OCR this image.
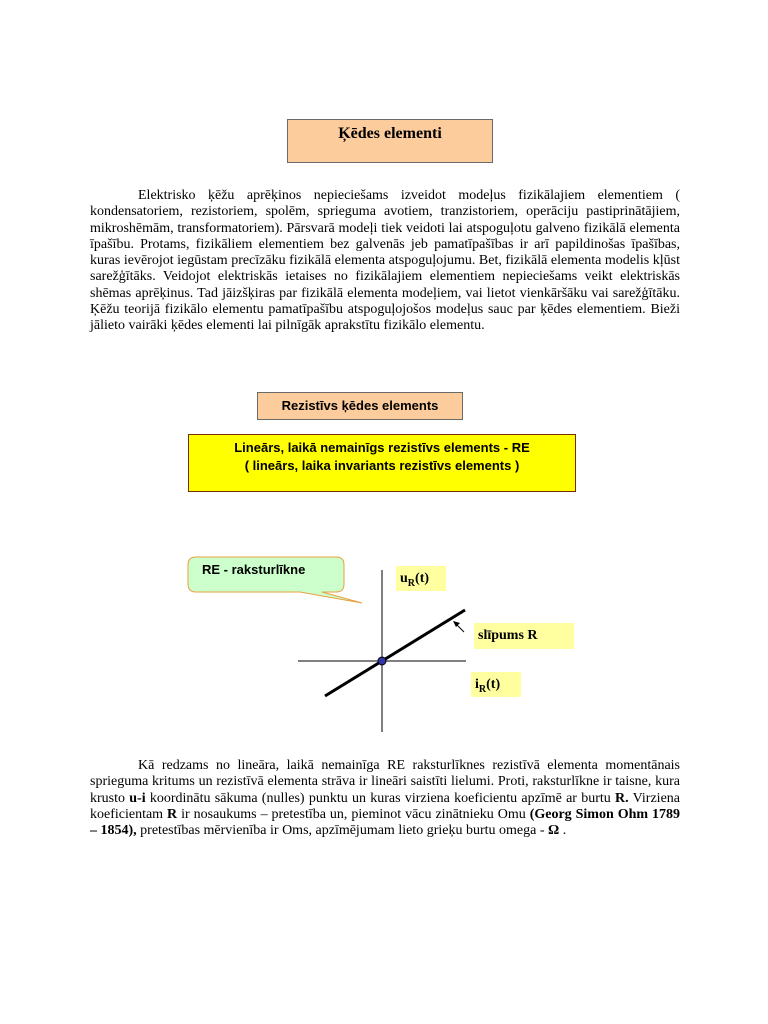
Ķēdes elementi
Elektrisko ķēžu aprēķinos nepieciešams izveidot modeļus fizikālajiem elementiem ( kondensatoriem, rezistoriem, spolēm, sprieguma avotiem, tranzistoriem, operāciju pastiprinātājiem, mikroshēmām, transformatoriem). Pārsvarā modeļi tiek veidoti lai atspoguļotu galveno fizikālā elementa īpašību. Protams, fizikāliem elementiem bez galvenās jeb pamatīpašības ir arī papildinošas īpašības, kuras ievērojot iegūstam precīzāku fizikālā elementa atspoguļojumu. Bet, fizikālā elementa modelis kļūst sarežģītāks. Veidojot elektriskās ietaises no fizikālajiem elementiem nepieciešams veikt elektriskās shēmas aprēķinus. Tad jāizšķiras par fizikālā elementa modeļiem, vai lietot vienkāršāku vai sarežģītāku. Ķēžu teorijā fizikālo elementu pamatīpašību atspoguļojošos modeļus sauc par ķēdes elementiem. Bieži jālieto vairāki ķēdes elementi lai pilnīgāk aprakstītu fizikālo elementu.
Rezistīvs ķēdes elements
Lineārs, laikā nemainīgs rezistīvs elements - RE
( lineārs, laika invariants rezistīvs elements )
RE - raksturlīkne
$u_R(t)$
slīpums R
$i_R(t)$
Kā redzams no lineāra, laikā nemainīga RE raksturlīknes rezistīvā elementa momentānais sprieguma kritums un rezistīvā elementa strāva ir lineāri saistīti lielumi. Proti, raksturlīkne ir taisne, kura krusto u-i koordinātu sākuma (nulles) punktu un kuras virziena koeficientu apzīmē ar burtu R. Virziena koeficientam R ir nosaukums – pretestība un, pieminot vācu zinātnieku Omu (Georg Simon Ohm 1789 – 1854), pretestības mērvienība ir Oms, apzīmējumam lieto grieķu burtu omega - Ω .
